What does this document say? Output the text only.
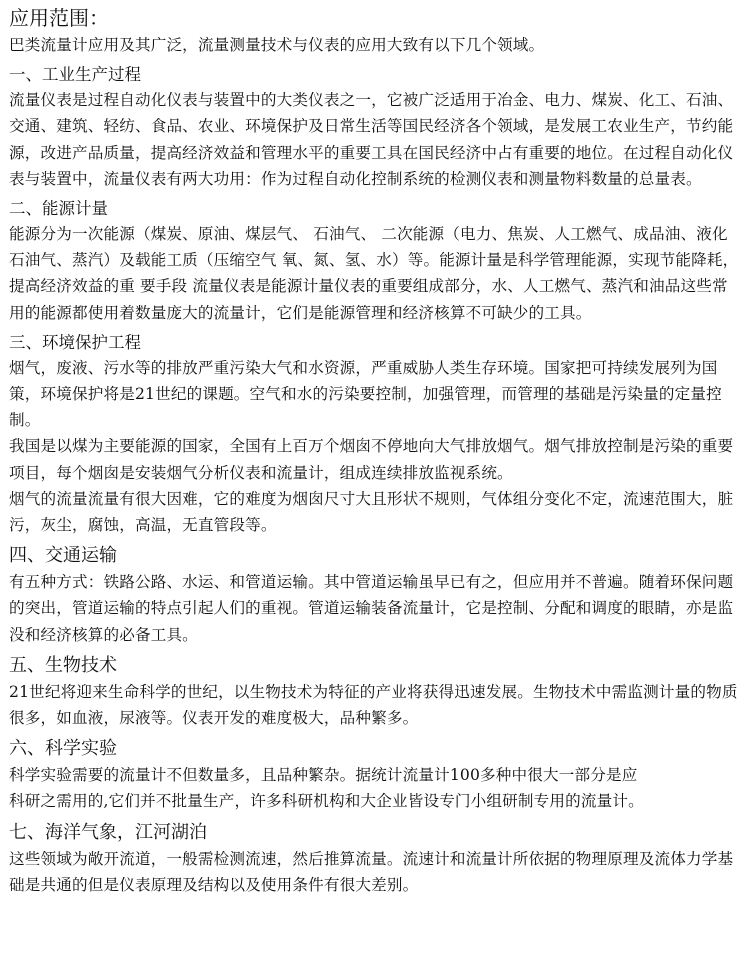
应用范围：

巴类流量计应用及其广泛，流量测量技术与仪表的应用大致有以下几个领域。

一、工业生产过程

流量仪表是过程自动化仪表与装置中的大类仪表之一，它被广泛适用于冶金、电力、煤炭、化工、石油、交通、建筑、轻纺、食品、农业、环境保护及日常生活等国民经济各个领域，是发展工农业生产，节约能源，改进产品质量，提高经济效益和管理水平的重要工具在国民经济中占有重要的地位。在过程自动化仪表与装置中，流量仪表有两大功用：作为过程自动化控制系统的检测仪表和测量物料数量的总量表。

二、能源计量

能源分为一次能源（煤炭、原油、煤层气、 石油气、 二次能源（电力、焦炭、人工燃气、成品油、液化石油气、蒸汽）及载能工质（压缩空气 氧、氮、氢、水）等。能源计量是科学管理能源，实现节能降耗，提高经济效益的重 要手段 流量仪表是能源计量仪表的重要组成部分，水、人工燃气、蒸汽和油品这些常用的能源都使用着数量庞大的流量计，它们是能源管理和经济核算不可缺少的工具。

三、环境保护工程

烟气，废液、污水等的排放严重污染大气和水资源，严重威胁人类生存环境。国家把可持续发展列为国策，环境保护将是21世纪的课题。空气和水的污染要控制，加强管理，而管理的基础是污染量的定量控制。

我国是以煤为主要能源的国家，全国有上百万个烟囱不停地向大气排放烟气。烟气排放控制是污染的重要项目，每个烟囱是安装烟气分析仪表和流量计，组成连续排放监视系统。

烟气的流量流量有很大因难，它的难度为烟囱尺寸大且形状不规则，气体组分变化不定，流速范围大，脏污，灰尘，腐蚀，高温，无直管段等。

四、交通运输

有五种方式：铁路公路、水运、和管道运输。其中管道运输虽早已有之，但应用并不普遍。随着环保问题的突出，管道运输的特点引起人们的重视。管道运输装备流量计，它是控制、分配和调度的眼睛，亦是监没和经济核算的必备工具。

五、生物技术

21世纪将迎来生命科学的世纪，以生物技术为特征的产业将获得迅速发展。生物技术中需监测计量的物质很多，如血液，尿液等。仪表开发的难度极大，品种繁多。

六、科学实验

科学实验需要的流量计不但数量多，且品种繁杂。据统计流量计100多种中很大一部分是应科研之需用的,它们并不批量生产，许多科研机构和大企业皆设专门小组研制专用的流量计。

七、海洋气象，江河湖泊

这些领域为敞开流道，一般需检测流速，然后推算流量。流速计和流量计所依据的物理原理及流体力学基础是共通的但是仪表原理及结构以及使用条件有很大差别。
